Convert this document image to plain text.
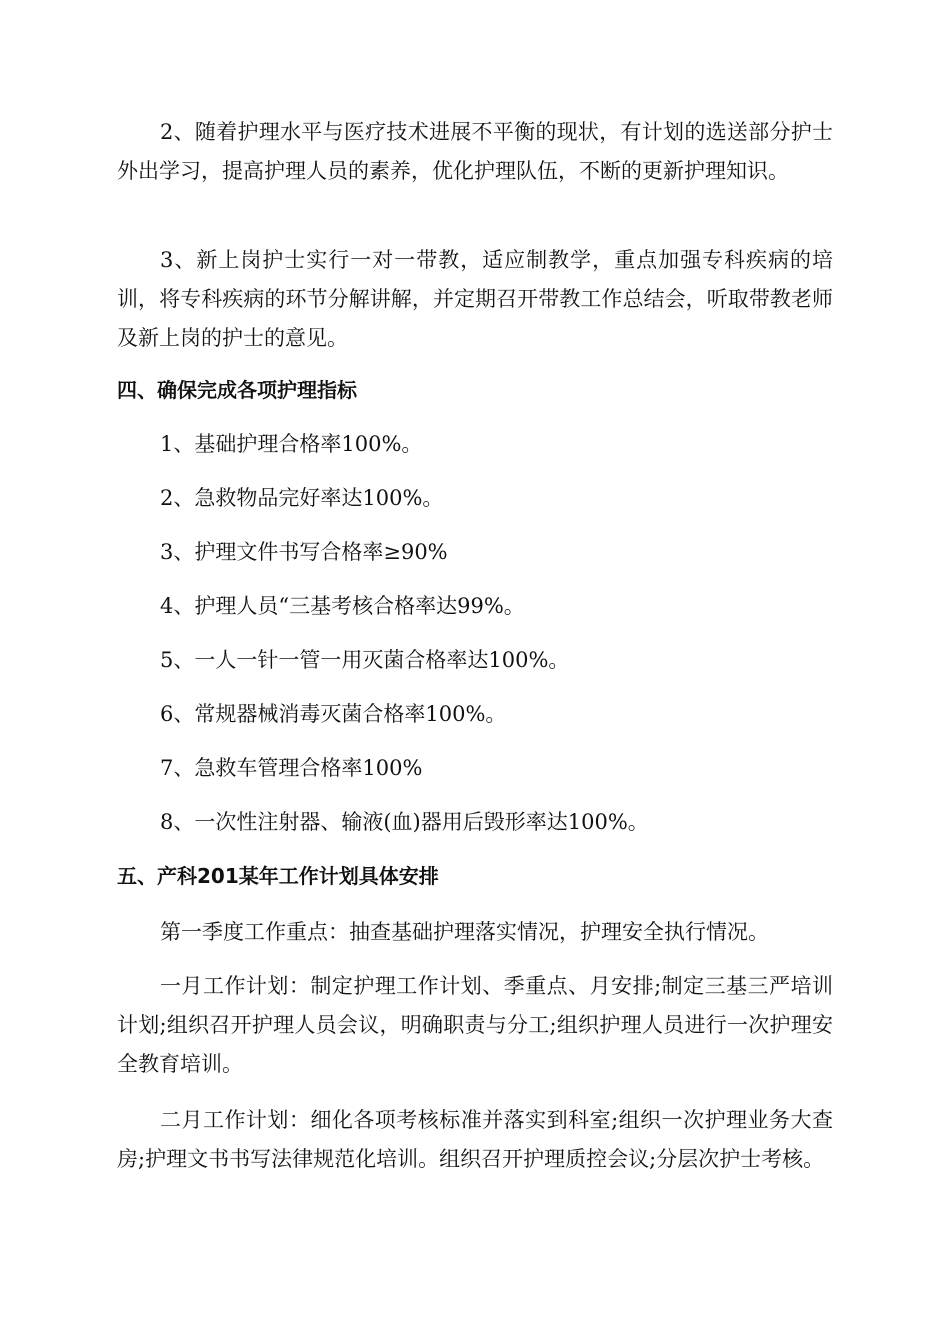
2、随着护理水平与医疗技术进展不平衡的现状，有计划的选送部分护士外出学习，提高护理人员的素养，优化护理队伍，不断的更新护理知识。

3、新上岗护士实行一对一带教，适应制教学，重点加强专科疾病的培训，将专科疾病的环节分解讲解，并定期召开带教工作总结会，听取带教老师及新上岗的护士的意见。

四、确保完成各项护理指标

1、基础护理合格率100%。

2、急救物品完好率达100%。

3、护理文件书写合格率≥90%

4、护理人员“三基考核合格率达99%。

5、一人一针一管一用灭菌合格率达100%。

6、常规器械消毒灭菌合格率100%。

7、急救车管理合格率100%

8、一次性注射器、输液(血)器用后毁形率达100%。

五、产科201某年工作计划具体安排

第一季度工作重点：抽查基础护理落实情况，护理安全执行情况。

一月工作计划：制定护理工作计划、季重点、月安排;制定三基三严培训计划;组织召开护理人员会议，明确职责与分工;组织护理人员进行一次护理安全教育培训。

二月工作计划：细化各项考核标准并落实到科室;组织一次护理业务大查房;护理文书书写法律规范化培训。组织召开护理质控会议;分层次护士考核。
